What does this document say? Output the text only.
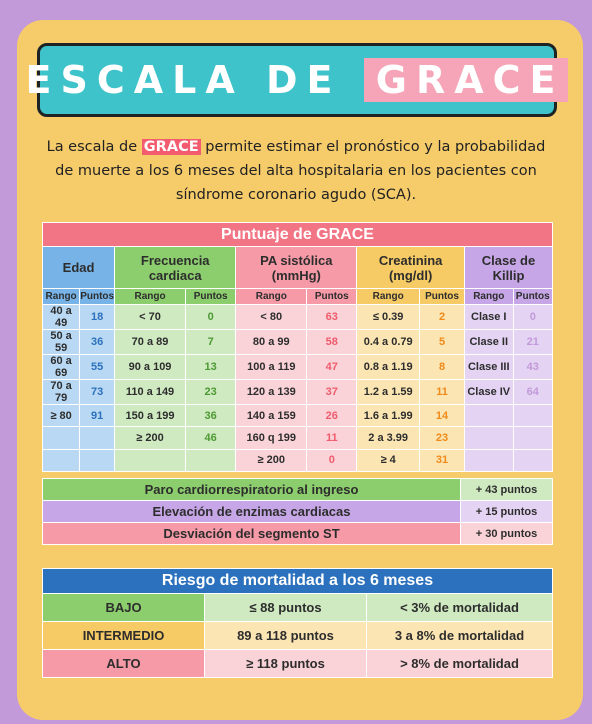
ESCALA DE GRACE

La escala de GRACE permite estimar el pronóstico y la probabilidad de muerte a los 6 meses del alta hospitalaria en los pacientes con síndrome coronario agudo (SCA).

Puntuaje de GRACE									
Edad		Frecuencia cardiaca		PA sistólica (mmHg)		Creatinina (mg/dl)		Clase de Killip	
Rango	Puntos	Rango	Puntos	Rango	Puntos	Rango	Puntos	Rango	Puntos
40 a 49	18	< 70	0	< 80	63	≤ 0.39	2	Clase I	0
50 a 59	36	70 a 89	7	80 a 99	58	0.4 a 0.79	5	Clase II	21
60 a 69	55	90 a 109	13	100 a 119	47	0.8 a 1.19	8	Clase III	43
70 a 79	73	110 a 149	23	120 a 139	37	1.2 a 1.59	11	Clase IV	64
≥ 80	91	150 a 199	36	140 a 159	26	1.6 a 1.99	14		
		≥ 200	46	160 q 199	11	2 a 3.99	23		
				≥ 200	0	≥ 4	31		
Paro cardiorrespiratorio al ingreso	+ 43 puntos
Elevación de enzimas cardiacas	+ 15 puntos
Desviación del segmento ST	+ 30 puntos
Riesgo de mortalidad a los 6 meses		
BAJO	≤ 88 puntos	< 3% de mortalidad
INTERMEDIO	89 a 118 puntos	3 a 8% de mortalidad
ALTO	≥ 118 puntos	> 8% de mortalidad
